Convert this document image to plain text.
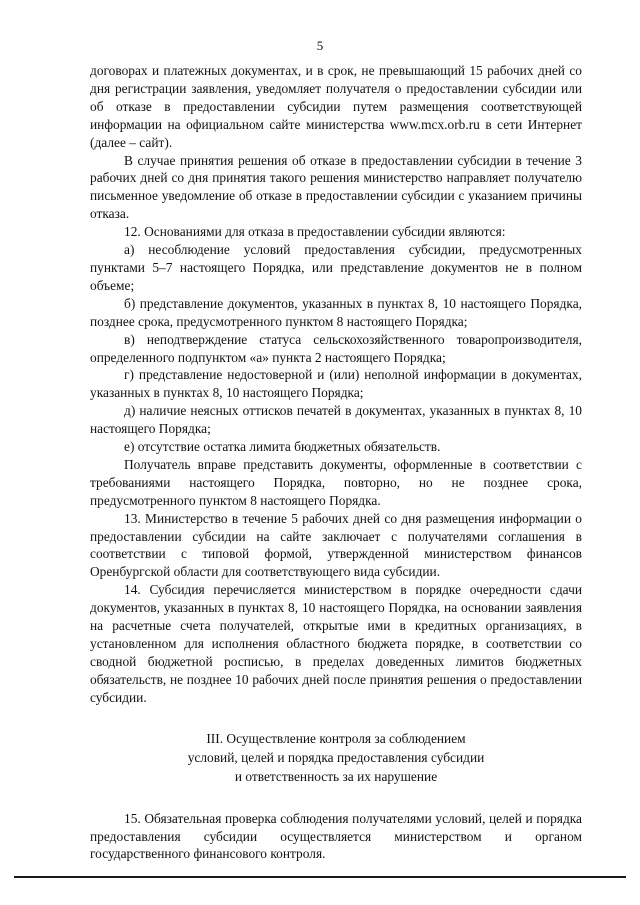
5

договорах и платежных документах, и в срок, не превышающий 15 рабочих дней со дня регистрации заявления, уведомляет получателя о предоставлении субсидии или об отказе в предоставлении субсидии путем размещения соответствующей информации на официальном сайте министерства www.mcx.orb.ru в сети Интернет (далее – сайт).

В случае принятия решения об отказе в предоставлении субсидии в течение 3 рабочих дней со дня принятия такого решения министерство направляет получателю письменное уведомление об отказе в предоставлении субсидии с указанием причины отказа.

12. Основаниями для отказа в предоставлении субсидии являются:

а) несоблюдение условий предоставления субсидии, предусмотренных пунктами 5–7 настоящего Порядка, или представление документов не в полном объеме;

б) представление документов, указанных в пунктах 8, 10 настоящего Порядка, позднее срока, предусмотренного пунктом 8 настоящего Порядка;

в) неподтверждение статуса сельскохозяйственного товаропроизводителя, определенного подпунктом «а» пункта 2 настоящего Порядка;

г) представление недостоверной и (или) неполной информации в документах, указанных в пунктах 8, 10 настоящего Порядка;

д) наличие неясных оттисков печатей в документах, указанных в пунктах 8, 10 настоящего Порядка;

е) отсутствие остатка лимита бюджетных обязательств.

Получатель вправе представить документы, оформленные в соответствии с требованиями настоящего Порядка, повторно, но не позднее срока, предусмотренного пунктом 8 настоящего Порядка.

13. Министерство в течение 5 рабочих дней со дня размещения информации о предоставлении субсидии на сайте заключает с получателями соглашения в соответствии с типовой формой, утвержденной министерством финансов Оренбургской области для соответствующего вида субсидии.

14. Субсидия перечисляется министерством в порядке очередности сдачи документов, указанных в пунктах 8, 10 настоящего Порядка, на основании заявления на расчетные счета получателей, открытые ими в кредитных организациях, в установленном для исполнения областного бюджета порядке, в соответствии со сводной бюджетной росписью, в пределах доведенных лимитов бюджетных обязательств, не позднее 10 рабочих дней после принятия решения о предоставлении субсидии.

III. Осуществление контроля за соблюдением
условий, целей и порядка предоставления субсидии
и ответственность за их нарушение

15. Обязательная проверка соблюдения получателями условий, целей и порядка предоставления субсидии осуществляется министерством и органом государственного финансового контроля.
